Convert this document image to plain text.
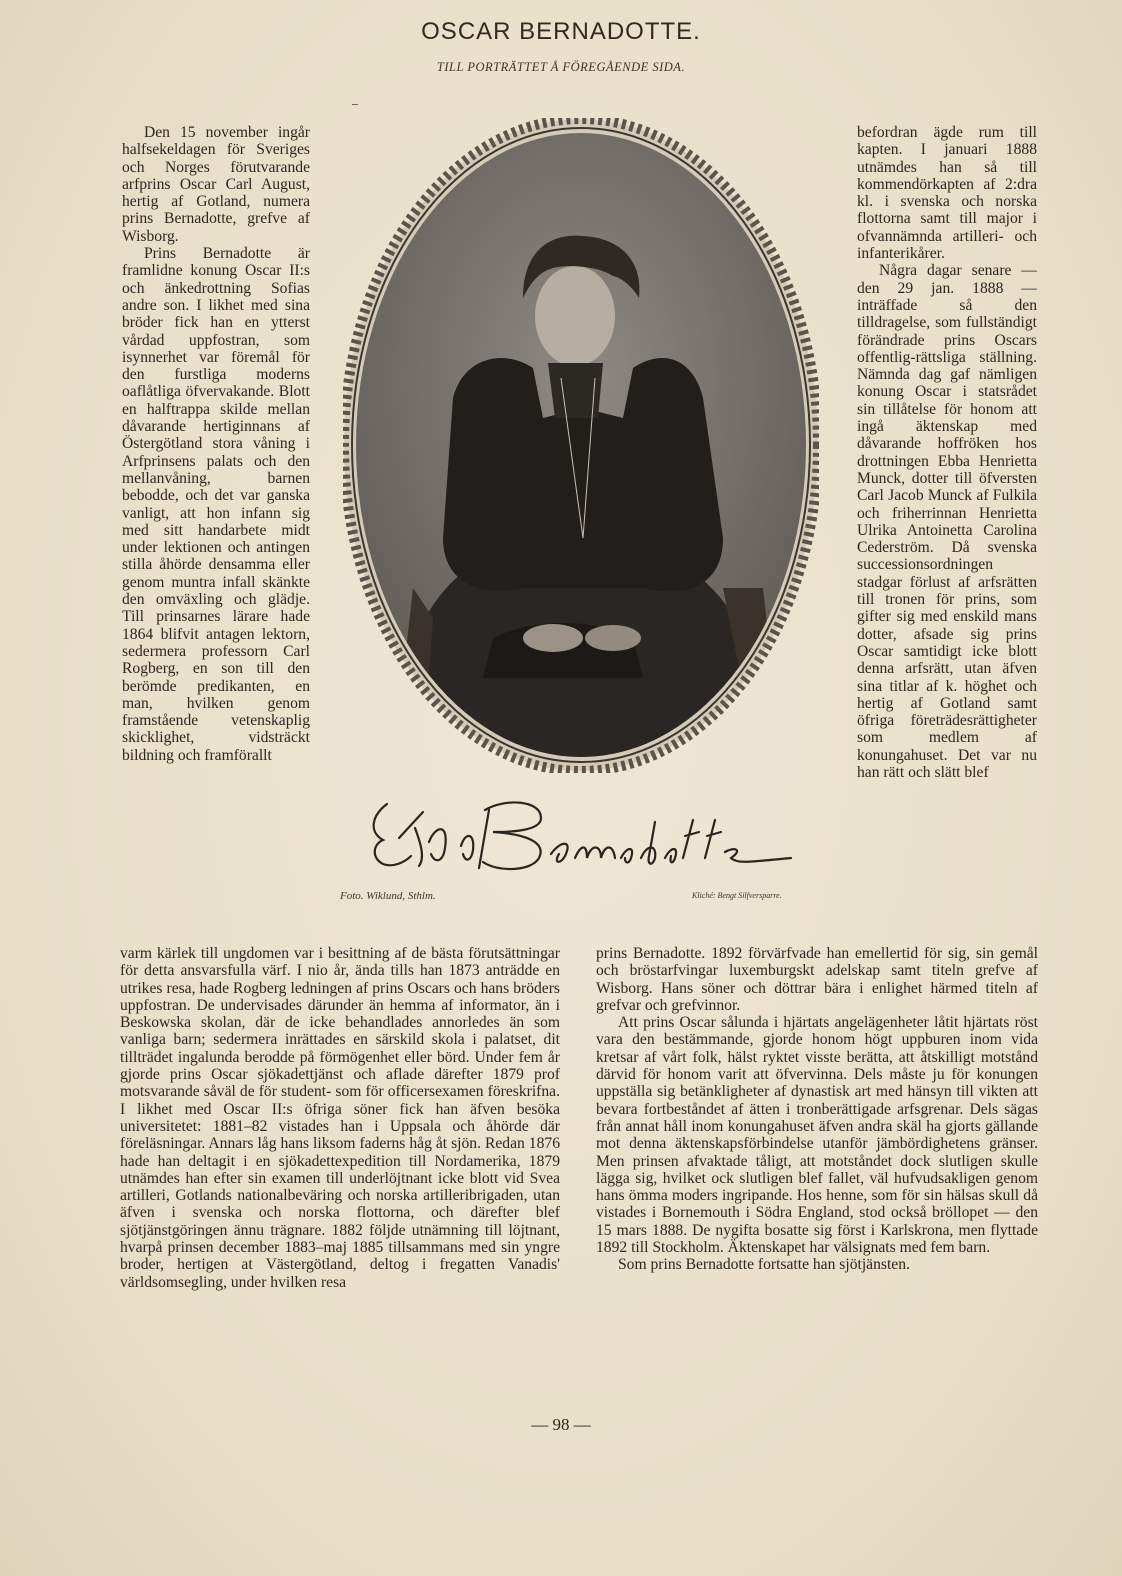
OSCAR BERNADOTTE.
TILL PORTRÄTTET Å FÖREGÅENDE SIDA.

Den 15 november ingår halfsekeldagen för Sveriges och Norges förutvarande arfprins Oscar Carl August, hertig af Gotland, numera prins Bernadotte, grefve af Wisborg.

Prins Bernadotte är framlidne konung Oscar II:s och änkedrottning Sofias andre son. I likhet med sina bröder fick han en ytterst vårdad uppfostran, som isynnerhet var föremål för den furstliga moderns oaflåtliga öfvervakande. Blott en halftrappa skilde mellan dåvarande hertiginnans af Östergötland stora våning i Arfprinsens palats och den mellanvåning, barnen bebodde, och det var ganska vanligt, att hon infann sig med sitt handarbete midt under lektionen och antingen stilla åhörde densamma eller genom muntra infall skänkte den omväxling och glädje. Till prinsarnes lärare hade 1864 blifvit antagen lektorn, sedermera professorn Carl Rogberg, en son till den berömde predikanten, en man, hvilken genom framstående vetenskaplig skicklighet, vidsträckt bildning och framförallt

befordran ägde rum till kapten. I januari 1888 utnämdes han så till kommendörkapten af 2:dra kl. i svenska och norska flottorna samt till major i ofvannämnda artilleri- och infanterikårer.

Några dagar senare — den 29 jan. 1888 — inträffade så den tilldragelse, som fullständigt förändrade prins Oscars offentlig-rättsliga ställning. Nämnda dag gaf nämligen konung Oscar i statsrådet sin tillåtelse för honom att ingå äktenskap med dåvarande hoffröken hos drottningen Ebba Henrietta Munck, dotter till öfversten Carl Jacob Munck af Fulkila och friherrinnan Henrietta Ulrika Antoinetta Carolina Cederström. Då svenska successionsordningen stadgar förlust af arfsrätten till tronen för prins, som gifter sig med enskild mans dotter, afsade sig prins Oscar samtidigt icke blott denna arfsrätt, utan äfven sina titlar af k. höghet och hertig af Gotland samt öfriga företrädesrättigheter som medlem af konungahuset. Det var nu han rätt och slätt blef

Foto. Wiklund, Sthlm.	Kliché: Bengt Silfversparre.

varm kärlek till ungdomen var i besittning af de bästa förutsättningar för detta ansvarsfulla värf. I nio år, ända tills han 1873 anträdde en utrikes resa, hade Rogberg ledningen af prins Oscars och hans bröders uppfostran. De undervisades därunder än hemma af informator, än i Beskowska skolan, där de icke behandlades annorledes än som vanliga barn; sedermera inrättades en särskild skola i palatset, dit tillträdet ingalunda berodde på förmögenhet eller börd. Under fem år gjorde prins Oscar sjökadettjänst och aflade därefter 1879 prof motsvarande såväl de för student- som för officersexamen föreskrifna. I likhet med Oscar II:s öfriga söner fick han äfven besöka universitetet: 1881–82 vistades han i Uppsala och åhörde där föreläsningar. Annars låg hans liksom faderns håg åt sjön. Redan 1876 hade han deltagit i en sjökadettexpedition till Nordamerika, 1879 utnämdes han efter sin examen till underlöjtnant icke blott vid Svea artilleri, Gotlands nationalbeväring och norska artilleribrigaden, utan äfven i svenska och norska flottorna, och därefter blef sjötjänstgöringen ännu trägnare. 1882 följde utnämning till löjtnant, hvarpå prinsen december 1883–maj 1885 tillsammans med sin yngre broder, hertigen at Västergötland, deltog i fregatten Vanadis' världsomsegling, under hvilken resa

prins Bernadotte. 1892 förvärfvade han emellertid för sig, sin gemål och bröstarfvingar luxemburgskt adelskap samt titeln grefve af Wisborg. Hans söner och döttrar bära i enlighet härmed titeln af grefvar och grefvinnor.

Att prins Oscar sålunda i hjärtats angelägenheter låtit hjärtats röst vara den bestämmande, gjorde honom högt uppburen inom vida kretsar af vårt folk, hälst ryktet visste berätta, att åtskilligt motstånd därvid för honom varit att öfvervinna. Dels måste ju för konungen uppställa sig betänkligheter af dynastisk art med hänsyn till vikten att bevara fortbeståndet af ätten i tronberättigade arfsgrenar. Dels sägas från annat håll inom konungahuset äfven andra skäl ha gjorts gällande mot denna äktenskapsförbindelse utanför jämbördighetens gränser. Men prinsen afvaktade tåligt, att motståndet dock slutligen skulle lägga sig, hvilket ock slutligen blef fallet, väl hufvudsakligen genom hans ömma moders ingripande. Hos henne, som för sin hälsas skull då vistades i Bornemouth i Södra England, stod också bröllopet — den 15 mars 1888. De nygifta bosatte sig först i Karlskrona, men flyttade 1892 till Stockholm. Äktenskapet har välsignats med fem barn.

Som prins Bernadotte fortsatte han sjötjänsten.

— 98 —
